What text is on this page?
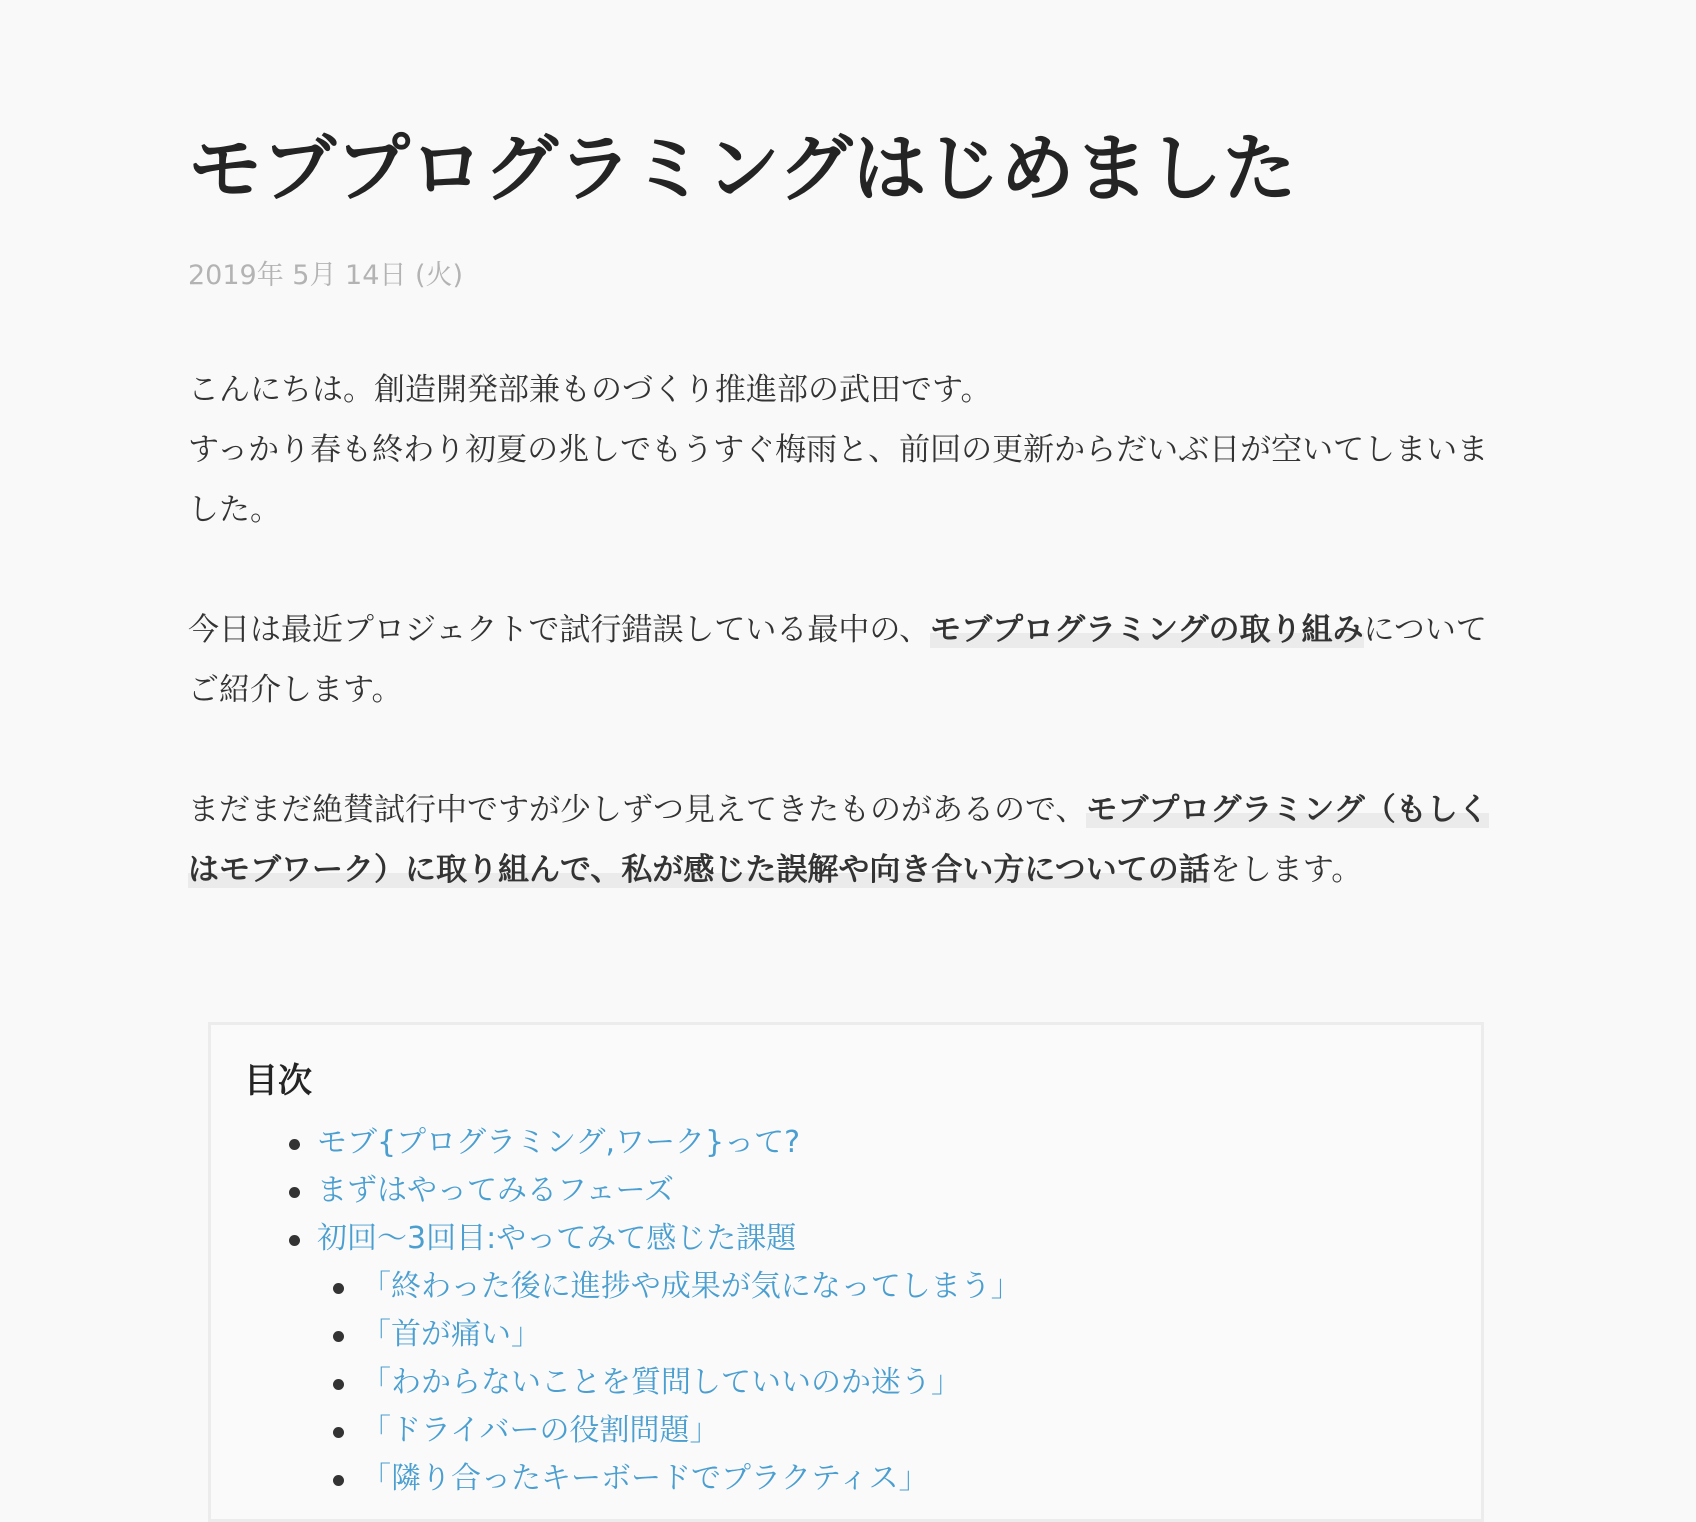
モブプログラミングはじめました
2019年 5月 14日 (火)

こんにちは。創造開発部兼ものづくり推進部の武田です。
すっかり春も終わり初夏の兆しでもうすぐ梅雨と、前回の更新からだいぶ日が空いてしまいました。

今日は最近プロジェクトで試行錯誤している最中の、モブプログラミングの取り組みについてご紹介します。

まだまだ絶賛試行中ですが少しずつ見えてきたものがあるので、モブプログラミング（もしくはモブワーク）に取り組んで、私が感じた誤解や向き合い方についての話をします。

目次
モブ{プログラミング,ワーク}って?
まずはやってみるフェーズ
初回〜3回目:やってみて感じた課題
「終わった後に進捗や成果が気になってしまう」
「首が痛い」
「わからないことを質問していいのか迷う」
「ドライバーの役割問題」
「隣り合ったキーボードでプラクティス」
